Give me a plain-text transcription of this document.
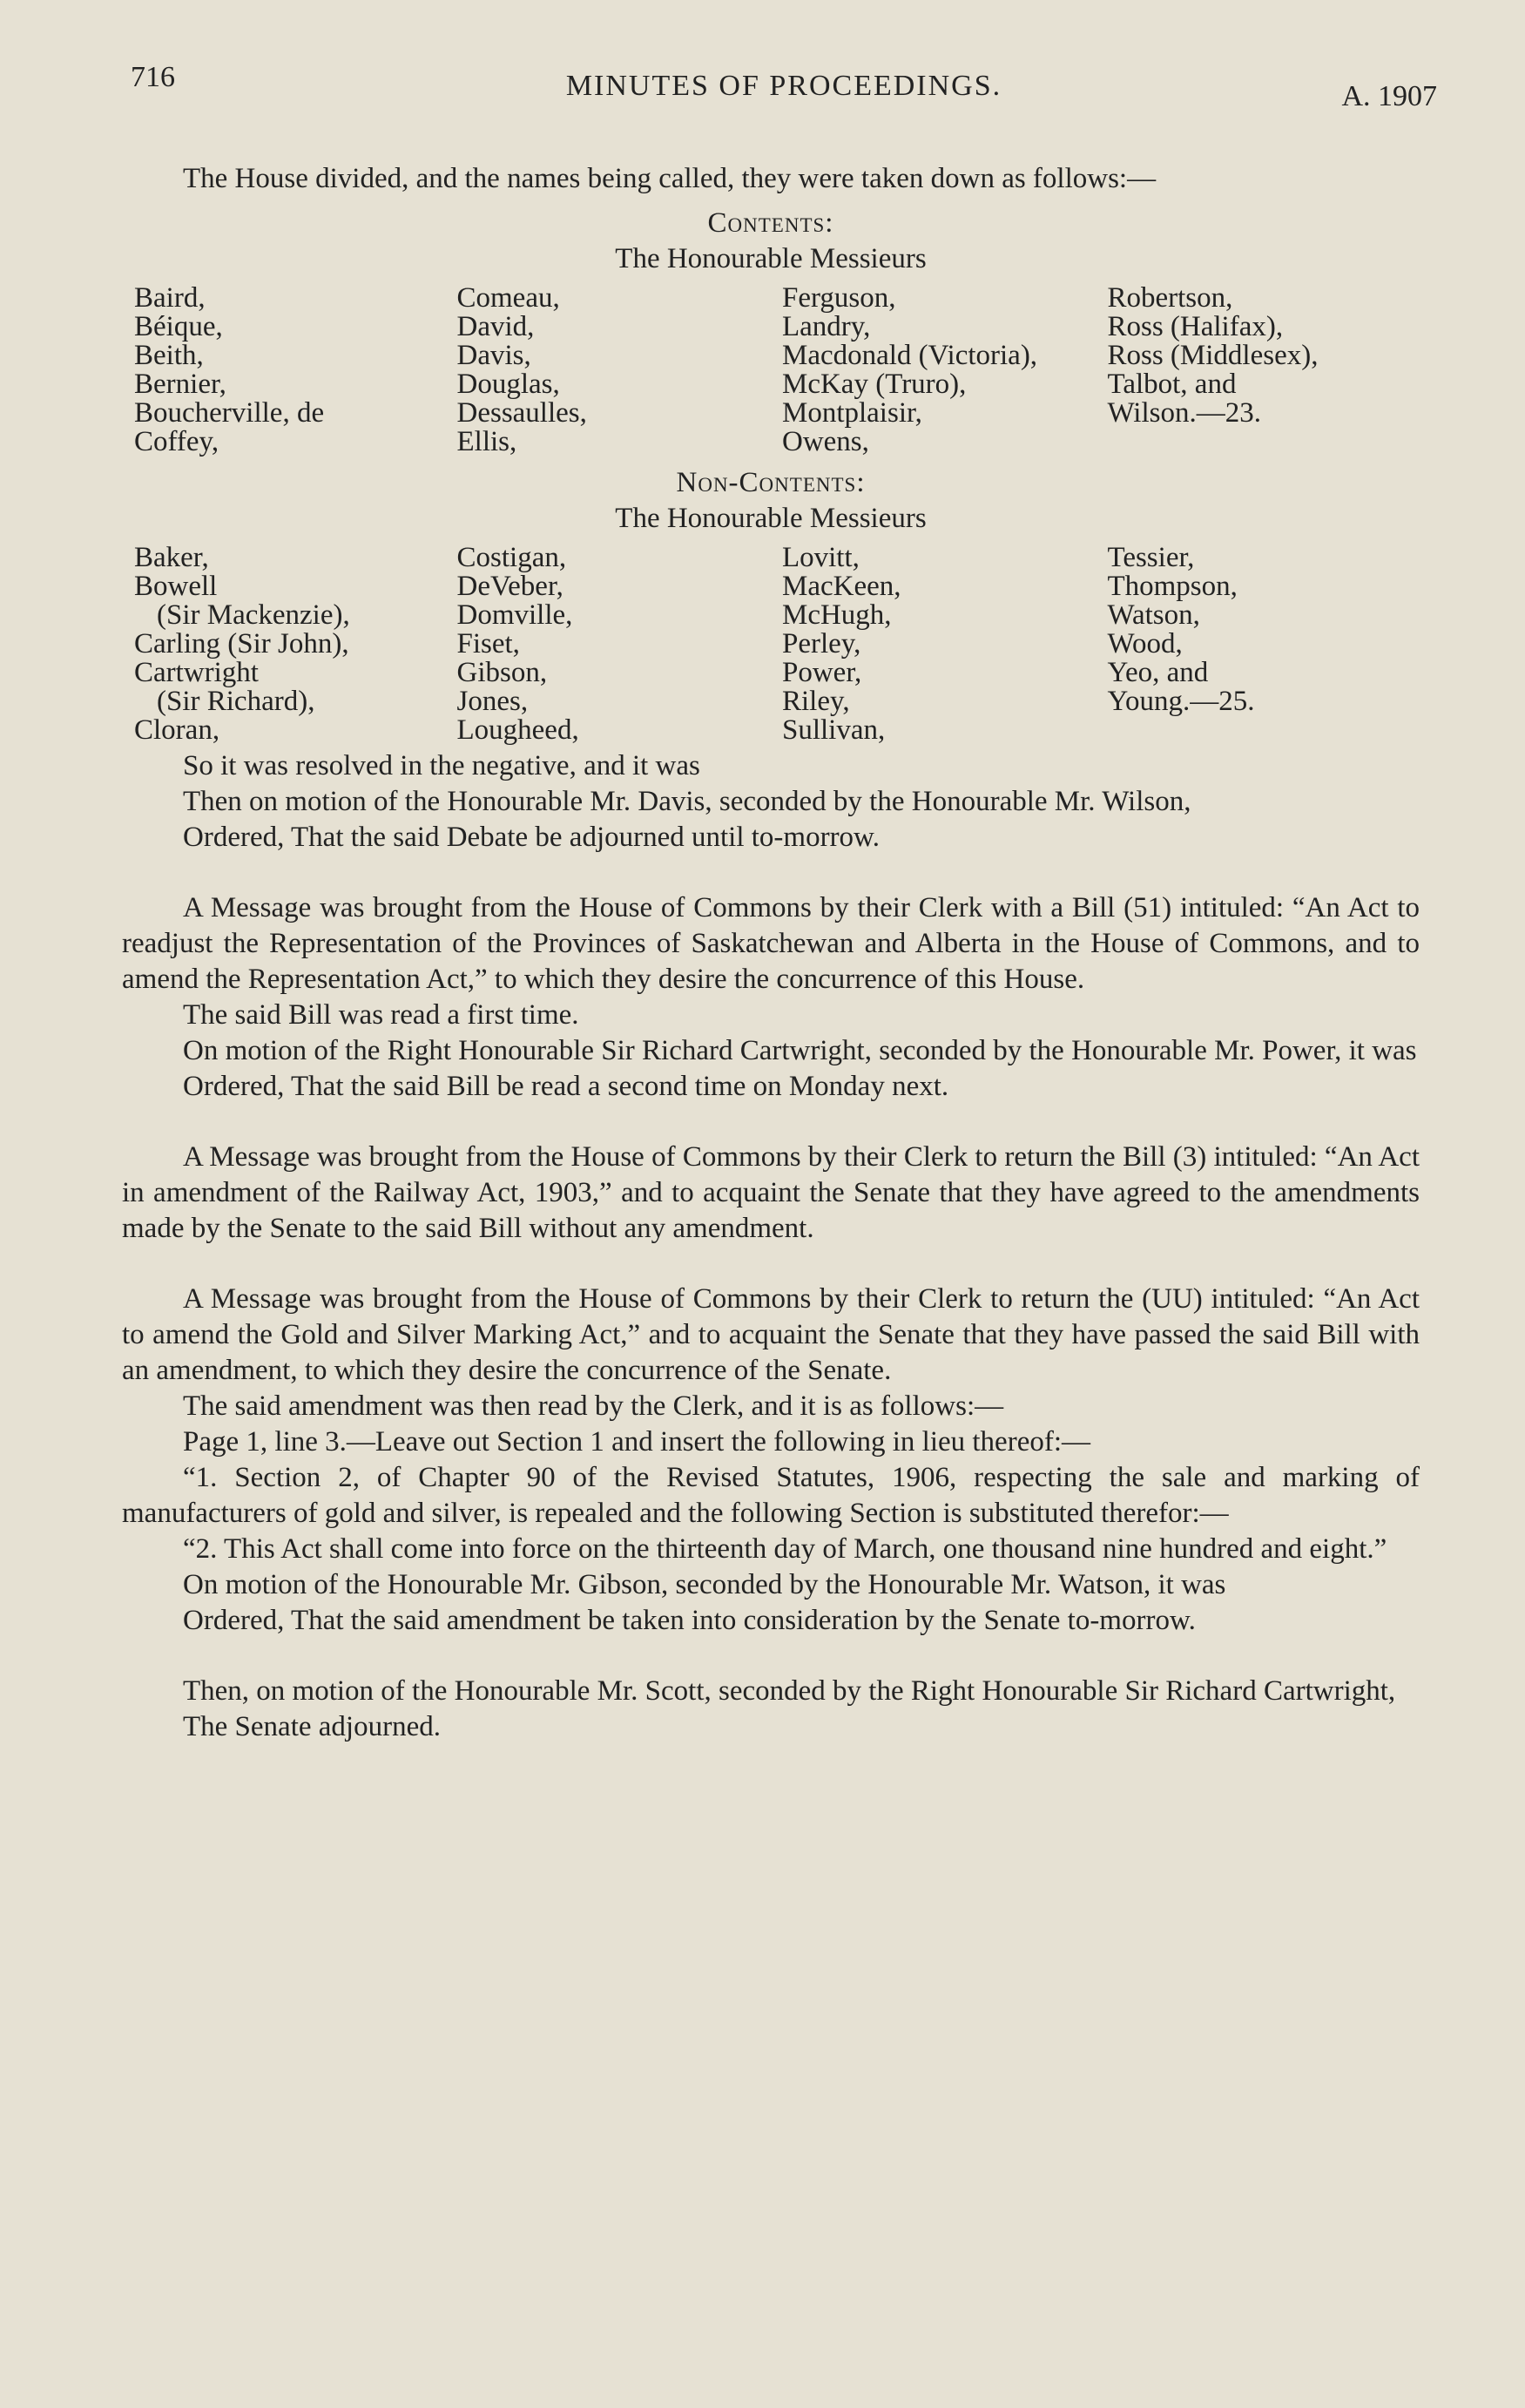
716	MINUTES OF PROCEEDINGS.	A. 1907

The House divided, and the names being called, they were taken down as follows:—

Contents:

The Honourable Messieurs

Baird,
Béique,
Beith,
Bernier,
Boucherville, de
Coffey,
Comeau,
David,
Davis,
Douglas,
Dessaulles,
Ellis,
Ferguson,
Landry,
Macdonald (Victoria),
McKay (Truro),
Montplaisir,
Owens,
Robertson,
Ross (Halifax),
Ross (Middlesex),
Talbot, and
Wilson.—23.

Non-Contents:

The Honourable Messieurs

Baker,
Bowell
(Sir Mackenzie),
Carling (Sir John),
Cartwright
(Sir Richard),
Cloran,
Costigan,
DeVeber,
Domville,
Fiset,
Gibson,
Jones,
Lougheed,
Lovitt,
MacKeen,
McHugh,
Perley,
Power,
Riley,
Sullivan,
Tessier,
Thompson,
Watson,
Wood,
Yeo, and
Young.—25.

So it was resolved in the negative, and it was

Then on motion of the Honourable Mr. Davis, seconded by the Honourable Mr. Wilson,

Ordered, That the said Debate be adjourned until to-morrow.

A Message was brought from the House of Commons by their Clerk with a Bill (51) intituled: “An Act to readjust the Representation of the Provinces of Saskatchewan and Alberta in the House of Commons, and to amend the Representation Act,” to which they desire the concurrence of this House.

The said Bill was read a first time.

On motion of the Right Honourable Sir Richard Cartwright, seconded by the Honourable Mr. Power, it was

Ordered, That the said Bill be read a second time on Monday next.

A Message was brought from the House of Commons by their Clerk to return the Bill (3) intituled: “An Act in amendment of the Railway Act, 1903,” and to acquaint the Senate that they have agreed to the amendments made by the Senate to the said Bill without any amendment.

A Message was brought from the House of Commons by their Clerk to return the (UU) intituled: “An Act to amend the Gold and Silver Marking Act,” and to acquaint the Senate that they have passed the said Bill with an amendment, to which they desire the concurrence of the Senate.

The said amendment was then read by the Clerk, and it is as follows:—

Page 1, line 3.—Leave out Section 1 and insert the following in lieu thereof:—

“1. Section 2, of Chapter 90 of the Revised Statutes, 1906, respecting the sale and marking of manufacturers of gold and silver, is repealed and the following Section is substituted therefor:—

“2. This Act shall come into force on the thirteenth day of March, one thousand nine hundred and eight.”

On motion of the Honourable Mr. Gibson, seconded by the Honourable Mr. Watson, it was

Ordered, That the said amendment be taken into consideration by the Senate to-morrow.

Then, on motion of the Honourable Mr. Scott, seconded by the Right Honourable Sir Richard Cartwright,

The Senate adjourned.
